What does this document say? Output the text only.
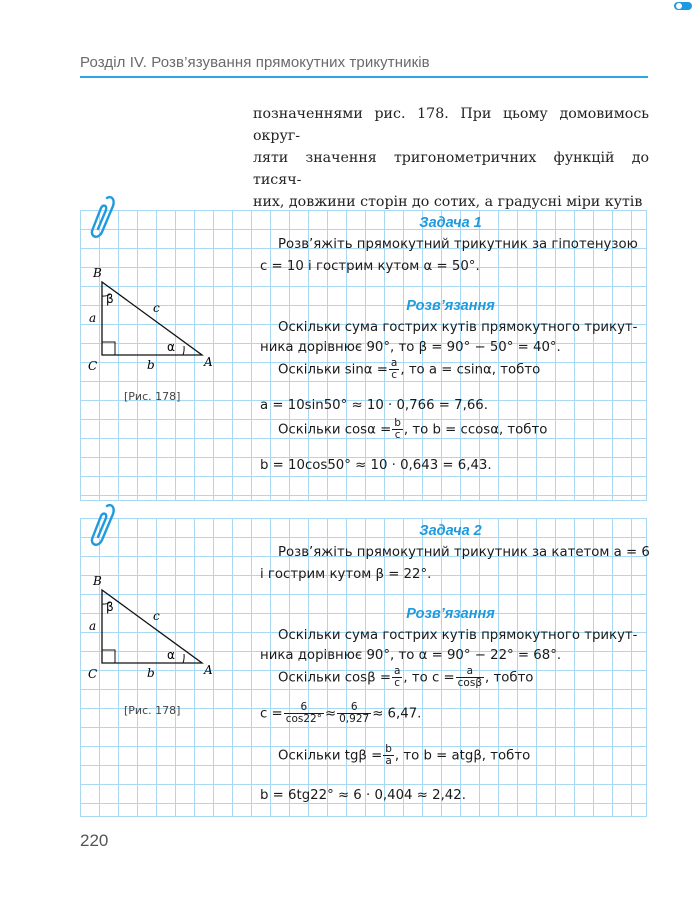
Розділ IV. Розв’язування прямокутних трикутників
позначеннями рис. 178. При цьому домовимось округ-
ляти значення тригонометричних функцій до тисяч-
них, довжини сторін до сотих, а градусні міри кутів
B
C	A
a
b
c
β
α
[Рис. 178]
Задача 1
Розв’яжіть прямокутний трикутник за гіпотенузою
c = 10 і гострим кутом α = 50°.
Розв’язання
Оскільки сума гострих кутів прямокутного трикут-
ника дорівнює 90°, то β = 90° − 50° = 40°.
Оскільки $\sin\alpha = \frac{a}{c}$ , то a = csinα, тобто
a = 10sin50° ≈ 10 · 0,766 = 7,66.
Оскільки $\cos\alpha = \frac{b}{c}$ , то b = ccosα, тобто
b = 10cos50° ≈ 10 · 0,643 = 6,43.
B
C	A
a
b
c
β
α
[Рис. 178]
Задача 2
Розв’яжіть прямокутний трикутник за катетом a = 6
і гострим кутом β = 22°.
Розв’язання
Оскільки сума гострих кутів прямокутного трикут-
ника дорівнює 90°, то α = 90° − 22° = 68°.
Оскільки $\cos\beta = \frac{a}{c}$ , то $c = \frac{a}{\cos\beta}$ , тобто
$c = \frac{6}{\cos 22^\circ} \approx \frac{6}{0,927} \approx 6,47$.
Оскільки $tg\beta = \frac{b}{a}$ , то b = atgβ, тобто
b = 6tg22° ≈ 6 · 0,404 ≈ 2,42.
220
